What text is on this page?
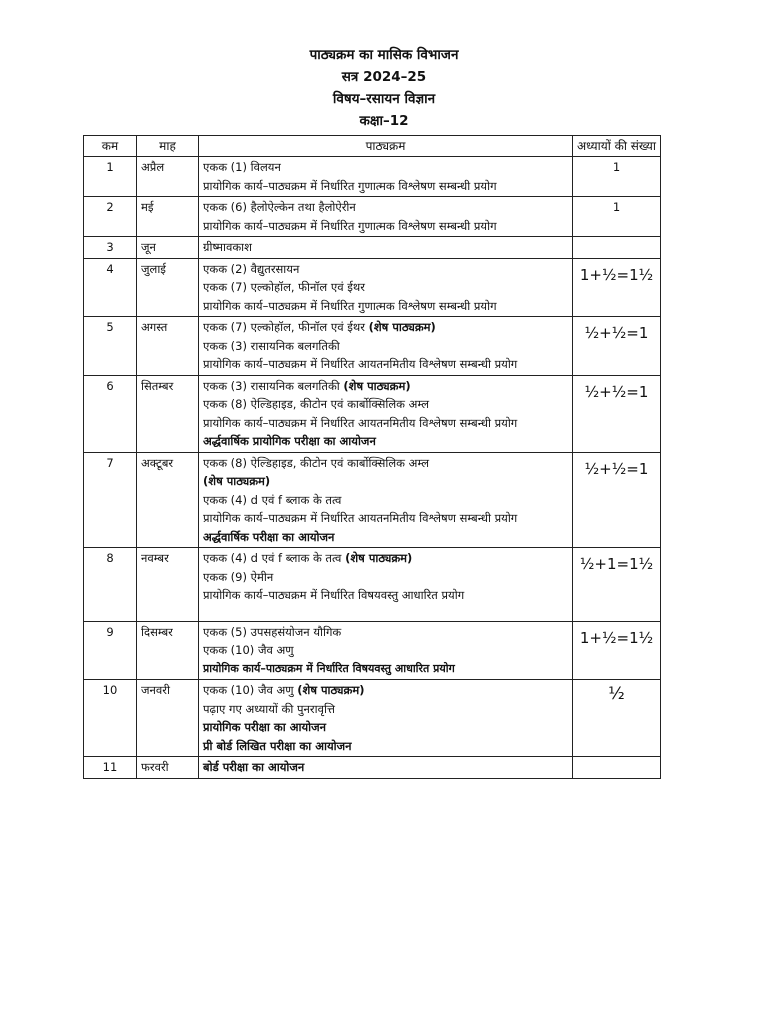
पाठ्यक्रम का मासिक विभाजन
सत्र 2024–25
विषय–रसायन विज्ञान
कक्षा–12
कम	माह	पाठ्यक्रम	अध्यायों की संख्या
1	अप्रैल	एकक (1) विलयन
प्रायोगिक कार्य–पाठ्यक्रम में निर्धारित गुणात्मक विश्लेषण सम्बन्धी प्रयोग	1
2	मई	एकक (6) हैलोऐल्केन तथा हैलोऐरीन
प्रायोगिक कार्य–पाठ्यक्रम में निर्धारित गुणात्मक विश्लेषण सम्बन्धी प्रयोग	1
3	जून	ग्रीष्मावकाश	

4	जुलाई	एकक (2) वैद्युतरसायन
एकक (7) एल्कोहॉल, फीनॉल एवं ईथर
प्रायोगिक कार्य–पाठ्यक्रम में निर्धारित गुणात्मक विश्लेषण सम्बन्धी प्रयोग	1+½=1½
5	अगस्त	एकक (7) एल्कोहॉल, फीनॉल एवं ईथर (शेष पाठ्यक्रम)
एकक (3) रासायनिक बलगतिकी
प्रायोगिक कार्य–पाठ्यक्रम में निर्धारित आयतनमितीय विश्लेषण सम्बन्धी प्रयोग	½+½=1
6	सितम्बर	एकक (3) रासायनिक बलगतिकी (शेष पाठ्यक्रम)
एकक (8) ऐल्डिहाइड, कीटोन एवं कार्बोक्सिलिक अम्ल
प्रायोगिक कार्य–पाठ्यक्रम में निर्धारित आयतनमितीय विश्लेषण सम्बन्धी प्रयोग
अर्द्धवार्षिक प्रायोगिक परीक्षा का आयोजन	½+½=1
7	अक्टूबर	एकक (8) ऐल्डिहाइड, कीटोन एवं कार्बोक्सिलिक अम्ल
(शेष पाठ्यक्रम)
एकक (4) d एवं f ब्लाक के तत्व
प्रायोगिक कार्य–पाठ्यक्रम में निर्धारित आयतनमितीय विश्लेषण सम्बन्धी प्रयोग
अर्द्धवार्षिक परीक्षा का आयोजन	½+½=1
8	नवम्बर	एकक (4) d एवं f ब्लाक के तत्व (शेष पाठ्यक्रम)
एकक (9) ऐमीन
प्रायोगिक कार्य–पाठ्यक्रम में निर्धारित विषयवस्तु आधारित प्रयोग	½+1=1½
9	दिसम्बर	एकक (5) उपसहसंयोजन यौगिक
एकक (10) जैव अणु
प्रायोगिक कार्य–पाठ्यक्रम में निर्धारित विषयवस्तु आधारित प्रयोग	1+½=1½
10	जनवरी	एकक (10) जैव अणु (शेष पाठ्यक्रम)
पढ़ाए गए अध्यायों की पुनरावृत्ति
प्रायोगिक परीक्षा का आयोजन
प्री बोर्ड लिखित परीक्षा का आयोजन	½
11	फरवरी	बोर्ड परीक्षा का आयोजन	
